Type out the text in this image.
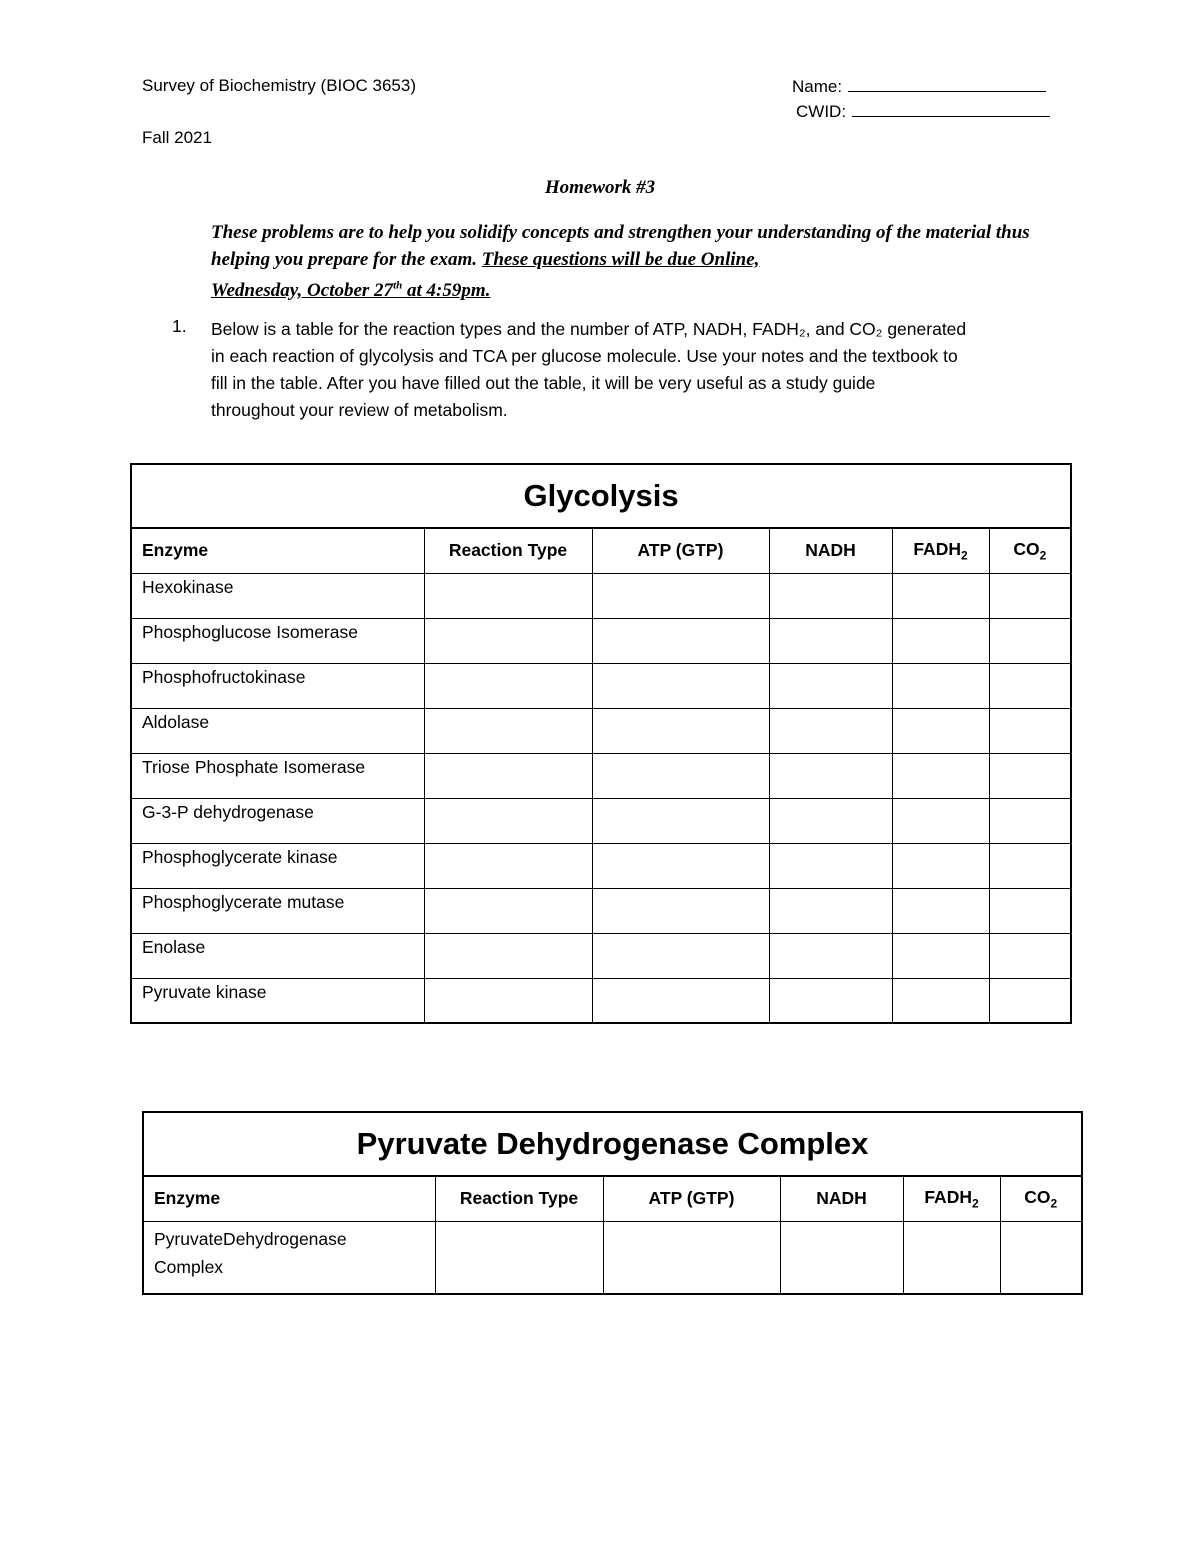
Survey of Biochemistry (BIOC 3653)
Fall 2021
Name:
CWID:
Homework #3
These problems are to help you solidify concepts and strengthen your understanding of the material thus helping you prepare for the exam. These questions will be due Online,
Wednesday, October 27th at 4:59pm.
1. Below is a table for the reaction types and the number of ATP, NADH, FADH₂, and CO₂ generated
in each reaction of glycolysis and TCA per glucose molecule. Use your notes and the textbook to
fill in the table. After you have filled out the table, it will be very useful as a study guide
throughout your review of metabolism.
Glycolysis					
Enzyme	Reaction Type	ATP (GTP)	NADH	$FADH_2$	$CO_2$
Hexokinase					
Phosphoglucose Isomerase					
Phosphofructokinase					
Aldolase					
Triose Phosphate Isomerase					
G-3-P dehydrogenase					
Phosphoglycerate kinase					
Phosphoglycerate mutase					
Enolase					
Pyruvate kinase					
Pyruvate Dehydrogenase Complex					
Enzyme	Reaction Type	ATP (GTP)	NADH	$FADH_2$	$CO_2$
PyruvateDehydrogenase
Complex					
